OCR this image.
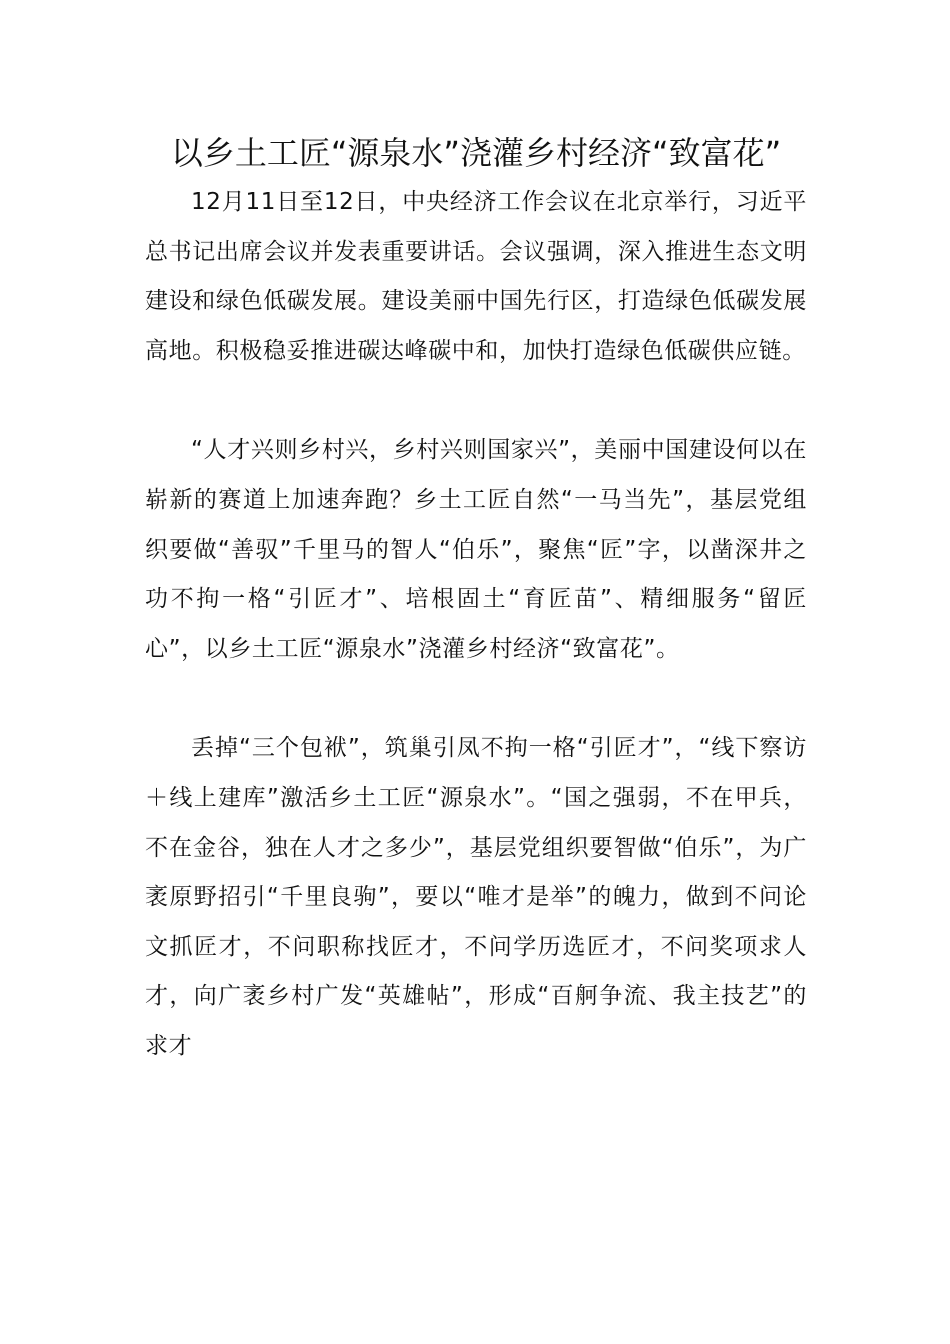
以乡土工匠“源泉水”浇灌乡村经济“致富花”

12月11日至12日，中央经济工作会议在北京举行，习近平总书记出席会议并发表重要讲话。会议强调，深入推进生态文明建设和绿色低碳发展。建设美丽中国先行区，打造绿色低碳发展高地。积极稳妥推进碳达峰碳中和，加快打造绿色低碳供应链。

“人才兴则乡村兴，乡村兴则国家兴”，美丽中国建设何以在崭新的赛道上加速奔跑？乡土工匠自然“一马当先”，基层党组织要做“善驭”千里马的智人“伯乐”，聚焦“匠”字，以凿深井之功不拘一格“引匠才”、培根固土“育匠苗”、精细服务“留匠心”，以乡土工匠“源泉水”浇灌乡村经济“致富花”。

丢掉“三个包袱”，筑巢引凤不拘一格“引匠才”，“线下察访＋线上建库”激活乡土工匠“源泉水”。“国之强弱，不在甲兵，不在金谷，独在人才之多少”，基层党组织要智做“伯乐”，为广袤原野招引“千里良驹”，要以“唯才是举”的魄力，做到不问论文抓匠才，不问职称找匠才，不问学历选匠才，不问奖项求人才，向广袤乡村广发“英雄帖”，形成“百舸争流、我主技艺”的求才
